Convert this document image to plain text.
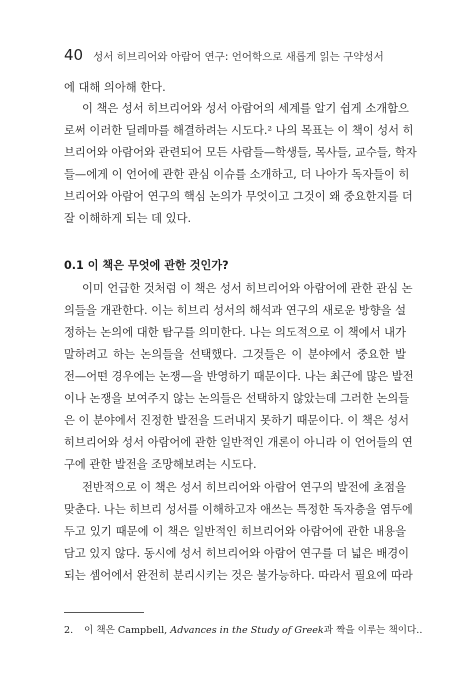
40 성서 히브리어와 아람어 연구: 언어학으로 새롭게 읽는 구약성서
에 대해 의아해 한다.
이 책은 성서 히브리어와 성서 아람어의 세계를 알기 쉽게 소개함으
로써 이러한 딜레마를 해결하려는 시도다.² 나의 목표는 이 책이 성서 히
브리어와 아람어와 관련되어 모든 사람들—학생들, 목사들, 교수들, 학자
들—에게 이 언어에 관한 관심 이슈를 소개하고, 더 나아가 독자들이 히
브리어와 아람어 연구의 핵심 논의가 무엇이고 그것이 왜 중요한지를 더
잘 이해하게 되는 데 있다.
0.1 이 책은 무엇에 관한 것인가?
이미 언급한 것처럼 이 책은 성서 히브리어와 아람어에 관한 관심 논
의들을 개관한다. 이는 히브리 성서의 해석과 연구의 새로운 방향을 설
정하는 논의에 대한 탐구를 의미한다. 나는 의도적으로 이 책에서 내가
말하려고 하는 논의들을 선택했다. 그것들은 이 분야에서 중요한 발
전—어떤 경우에는 논쟁—을 반영하기 때문이다. 나는 최근에 많은 발전
이나 논쟁을 보여주지 않는 논의들은 선택하지 않았는데 그러한 논의들
은 이 분야에서 진정한 발전을 드러내지 못하기 때문이다. 이 책은 성서
히브리어와 성서 아람어에 관한 일반적인 개론이 아니라 이 언어들의 연
구에 관한 발전을 조망해보려는 시도다.
전반적으로 이 책은 성서 히브리어와 아람어 연구의 발전에 초점을
맞춘다. 나는 히브리 성서를 이해하고자 애쓰는 특정한 독자층을 염두에
두고 있기 때문에 이 책은 일반적인 히브리어와 아람어에 관한 내용을
담고 있지 않다. 동시에 성서 히브리어와 아람어 연구를 더 넓은 배경이
되는 셈어에서 완전히 분리시키는 것은 불가능하다. 따라서 필요에 따라
2. 이 책은 Campbell, Advances in the Study of Greek과 짝을 이루는 책이다..
